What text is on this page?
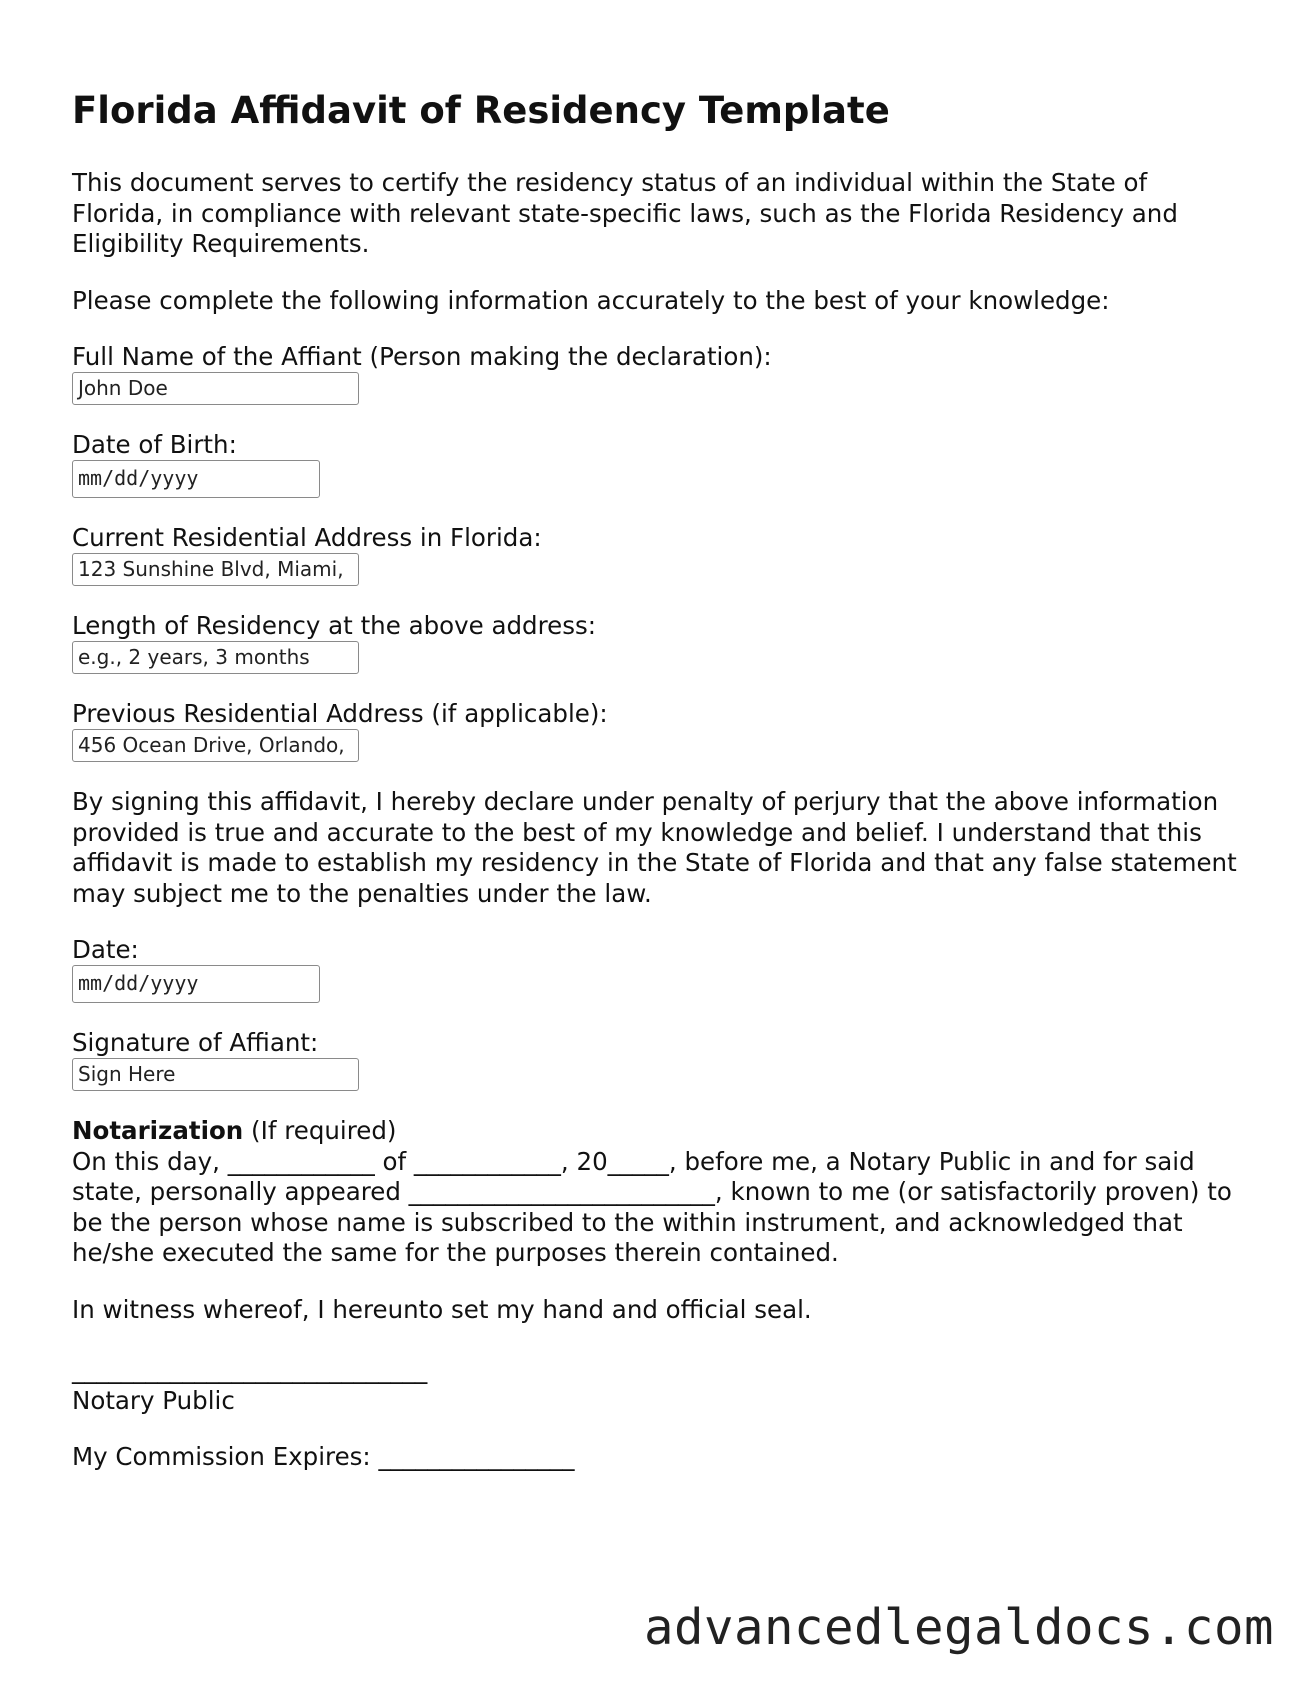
Florida Affidavit of Residency Template

This document serves to certify the residency status of an individual within the State of Florida, in compliance with relevant state-specific laws, such as the Florida Residency and Eligibility Requirements.

Please complete the following information accurately to the best of your knowledge:

Full Name of the Affiant (Person making the declaration):
John Doe
Date of Birth:
mm/dd/yyyy
Current Residential Address in Florida:
123 Sunshine Blvd, Miami,
Length of Residency at the above address:
e.g., 2 years, 3 months
Previous Residential Address (if applicable):
456 Ocean Drive, Orlando,

By signing this affidavit, I hereby declare under penalty of perjury that the above information provided is true and accurate to the best of my knowledge and belief. I understand that this affidavit is made to establish my residency in the State of Florida and that any false statement may subject me to the penalties under the law.

Date:
mm/dd/yyyy
Signature of Affiant:
Sign Here

Notarization (If required)

On this day, ____________ of ____________, 20_____, before me, a Notary Public in and for said state, personally appeared _________________________, known to me (or satisfactorily proven) to be the person whose name is subscribed to the within instrument, and acknowledged that he/she executed the same for the purposes therein contained.

In witness whereof, I hereunto set my hand and official seal.

_____________________________

Notary Public

My Commission Expires: ________________

advancedlegaldocs.com
